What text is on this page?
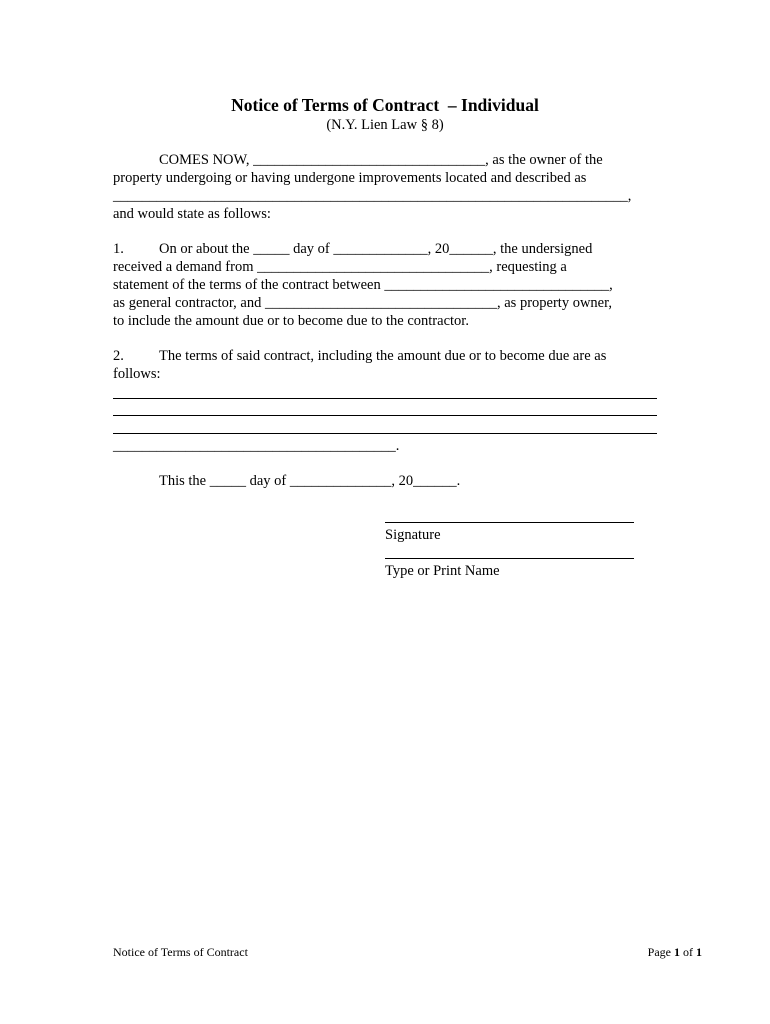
Notice of Terms of Contract  – Individual
(N.Y. Lien Law § 8)
COMES NOW, ________________________________, as the owner of the
property undergoing or having undergone improvements located and described as
_______________________________________________________________________,
and would state as follows:
1. On or about the _____ day of _____________, 20______, the undersigned
received a demand from ________________________________, requesting a
statement of the terms of the contract between _______________________________,
as general contractor, and ________________________________, as property owner,
to include the amount due or to become due to the contractor.
2. The terms of said contract, including the amount due or to become due are as
follows:
_______________________________________.
This the _____ day of ______________, 20______.
Signature
Type or Print Name
Notice of Terms of Contract	Page 1 of 1
